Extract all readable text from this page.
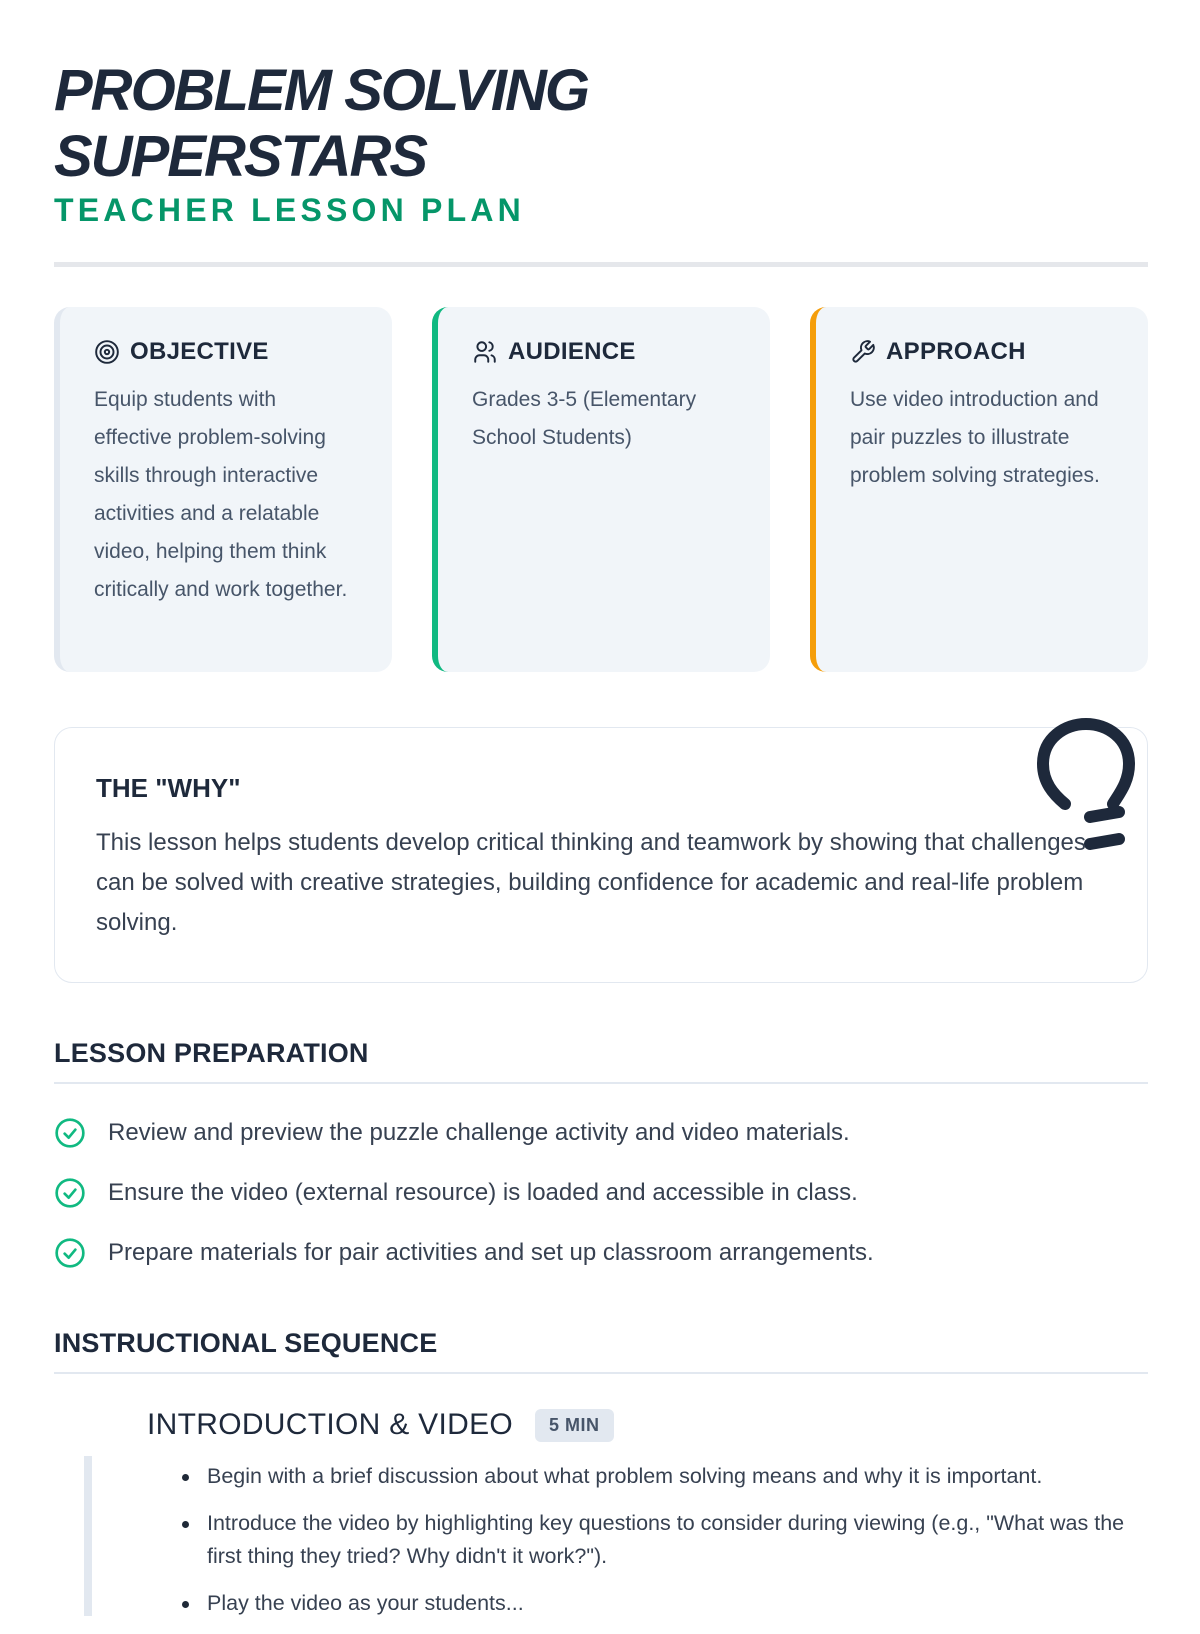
PROBLEM SOLVING SUPERSTARS
TEACHER LESSON PLAN
OBJECTIVE

Equip students with effective problem-solving skills through interactive activities and a relatable video, helping them think critically and work together.

AUDIENCE

Grades 3-5 (Elementary School Students)

APPROACH

Use video introduction and pair puzzles to illustrate problem solving strategies.

THE "WHY"

This lesson helps students develop critical thinking and teamwork by showing that challenges can be solved with creative strategies, building confidence for academic and real-life problem solving.

LESSON PREPARATION
Review and preview the puzzle challenge activity and video materials.
Ensure the video (external resource) is loaded and accessible in class.
Prepare materials for pair activities and set up classroom arrangements.
INSTRUCTIONAL SEQUENCE
INTRODUCTION & VIDEO	5 MIN
Begin with a brief discussion about what problem solving means and why it is important.
Introduce the video by highlighting key questions to consider during viewing (e.g., "What was the first thing they tried? Why didn't it work?").
Play the video as your students...
